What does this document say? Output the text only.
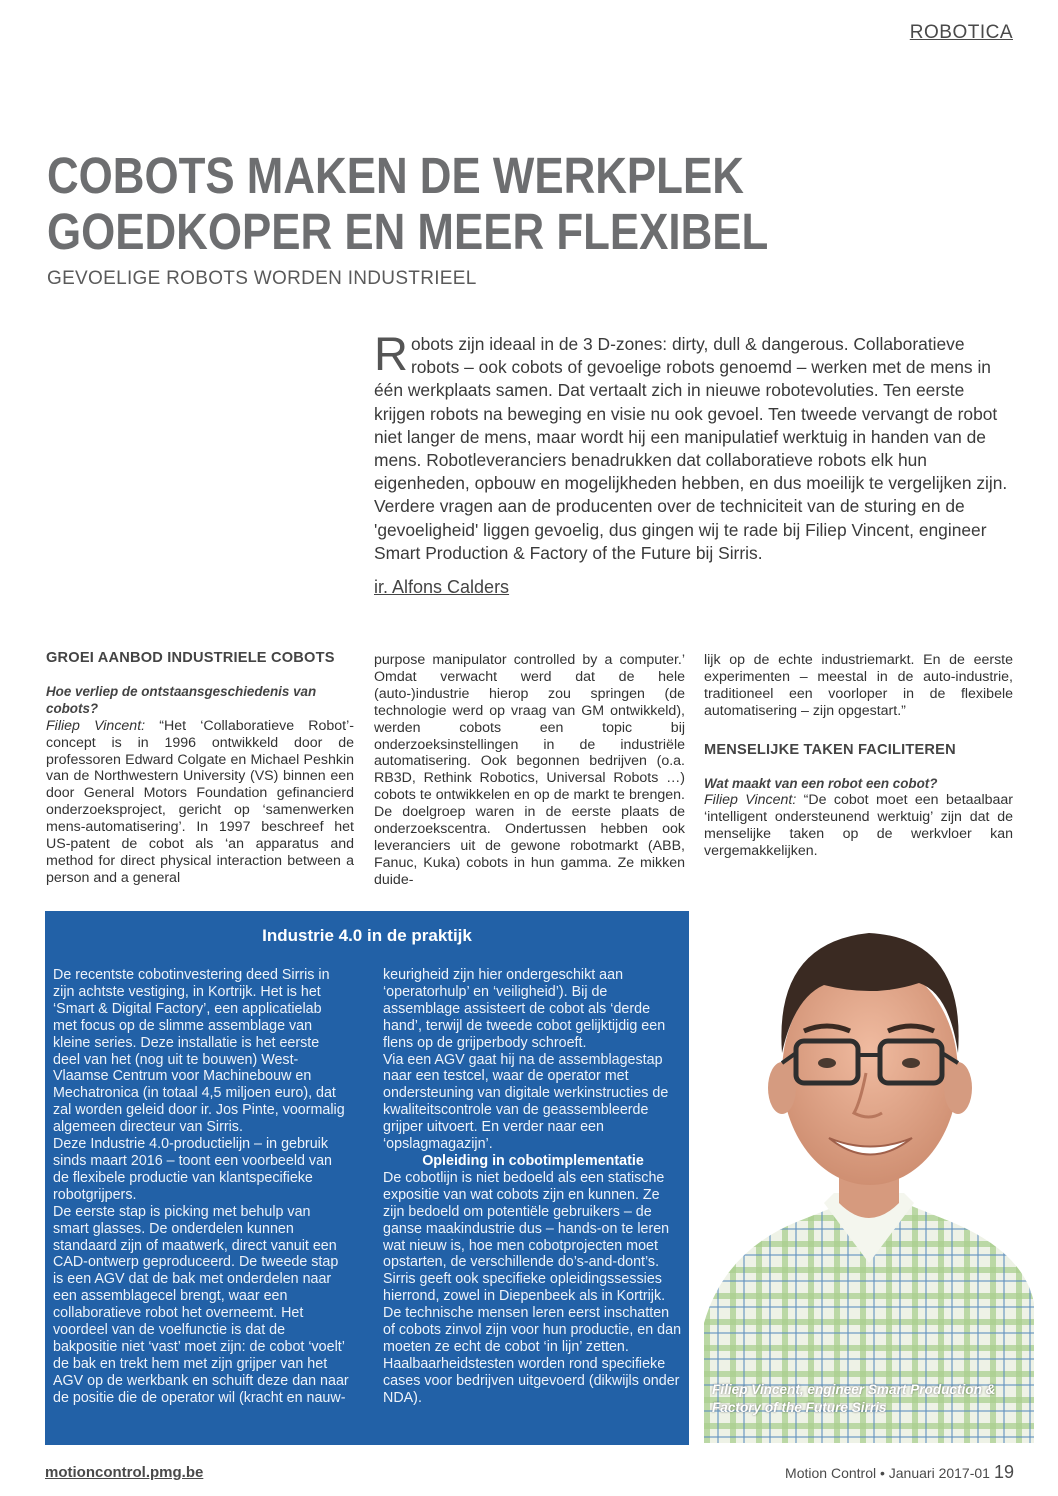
ROBOTICA
COBOTS MAKEN DE WERKPLEK
GOEDKOPER EN MEER FLEXIBEL
GEVOELIGE ROBOTS WORDEN INDUSTRIEEL

Robots zijn ideaal in de 3 D-zones: dirty, dull & dangerous. Collaboratieve robots – ook cobots of gevoelige robots genoemd – werken met de mens in één werkplaats samen. Dat vertaalt zich in nieuwe robotevoluties. Ten eerste krijgen robots na beweging en visie nu ook gevoel. Ten tweede vervangt de robot niet langer de mens, maar wordt hij een manipulatief werktuig in handen van de mens. Robotleveranciers benadrukken dat collaboratieve robots elk hun eigenheden, opbouw en mogelijkheden hebben, en dus moeilijk te vergelijken zijn.

Verdere vragen aan de producenten over de techniciteit van de sturing en de 'gevoeligheid' liggen gevoelig, dus gingen wij te rade bij Filiep Vincent, engineer Smart Production & Factory of the Future bij Sirris.

ir. Alfons Calders

GROEI AANBOD INDUSTRIELE COBOTS

Hoe verliep de ontstaansgeschiedenis van cobots?

Filiep Vincent: “Het ‘Collaboratieve Robot’-concept is in 1996 ontwikkeld door de professoren Edward Colgate en Michael Peshkin van de Northwestern University (VS) binnen een door General Motors Foundation gefinancierd onderzoeksproject, gericht op ‘samenwerken mens-automatisering’. In 1997 beschreef het US-patent de cobot als ‘an apparatus and method for direct physical interaction between a person and a general

purpose manipulator controlled by a computer.’ Omdat verwacht werd dat de hele (auto-)industrie hierop zou springen (de technologie werd op vraag van GM ontwikkeld), werden cobots een topic bij onderzoeksinstellingen in de industriële automatisering. Ook begonnen bedrijven (o.a. RB3D, Rethink Robotics, Universal Robots …) cobots te ontwikkelen en op de markt te brengen. De doelgroep waren in de eerste plaats de onderzoekscentra. Ondertussen hebben ook leveranciers uit de gewone robotmarkt (ABB, Fanuc, Kuka) cobots in hun gamma. Ze mikken duide-

lijk op de echte industriemarkt. En de eerste experimenten – meestal in de auto-industrie, traditioneel een voorloper in de flexibele automatisering – zijn opgestart.”

MENSELIJKE TAKEN FACILITEREN

Wat maakt van een robot een cobot?

Filiep Vincent: “De cobot moet een betaalbaar ‘intelligent ondersteunend werktuig’ zijn dat de menselijke taken op de werkvloer kan vergemakkelijken.

Industrie 4.0 in de praktijk

De recentste cobotinvestering deed Sirris in zijn achtste vestiging, in Kortrijk. Het is het ‘Smart & Digital Factory’, een applicatielab met focus op de slimme assemblage van kleine series. Deze installatie is het eerste deel van het (nog uit te bouwen) West-Vlaamse Centrum voor Machinebouw en Mechatronica (in totaal 4,5 miljoen euro), dat zal worden geleid door ir. Jos Pinte, voormalig algemeen directeur van Sirris.

Deze Industrie 4.0-productielijn – in gebruik sinds maart 2016 – toont een voorbeeld van de flexibele productie van klantspecifieke robotgrijpers.

De eerste stap is picking met behulp van smart glasses. De onderdelen kunnen standaard zijn of maatwerk, direct vanuit een CAD-ontwerp geproduceerd. De tweede stap is een AGV dat de bak met onderdelen naar een assemblagecel brengt, waar een collaboratieve robot het overneemt. Het voordeel van de voelfunctie is dat de bakpositie niet ‘vast’ moet zijn: de cobot ‘voelt’ de bak en trekt hem met zijn grijper van het AGV op de werkbank en schuift deze dan naar de positie die de operator wil (kracht en nauw-

keurigheid zijn hier ondergeschikt aan ‘operatorhulp’ en ‘veiligheid’). Bij de assemblage assisteert de cobot als ‘derde hand’, terwijl de tweede cobot gelijktijdig een flens op de grijperbody schroeft.

Via een AGV gaat hij na de assemblagestap naar een testcel, waar de operator met ondersteuning van digitale werkinstructies de kwaliteitscontrole van de geassembleerde grijper uitvoert. En verder naar een ‘opslagmagazijn’.

Opleiding in cobotimplementatie

De cobotlijn is niet bedoeld als een statische expositie van wat cobots zijn en kunnen. Ze zijn bedoeld om potentiële gebruikers – de ganse maakindustrie dus – hands-on te leren wat nieuw is, hoe men cobotprojecten moet opstarten, de verschillende do’s-and-dont’s.

Sirris geeft ook specifieke opleidingssessies hierrond, zowel in Diepenbeek als in Kortrijk.

De technische mensen leren eerst inschatten of cobots zinvol zijn voor hun productie, en dan moeten ze echt de cobot ‘in lijn’ zetten. Haalbaarheidstesten worden rond specifieke cases voor bedrijven uitgevoerd (dikwijls onder NDA).

Filiep Vincent, engineer Smart Production & Factory of the Future Sirris
motioncontrol.pmg.be	Motion Control • Januari 2017-01 19
